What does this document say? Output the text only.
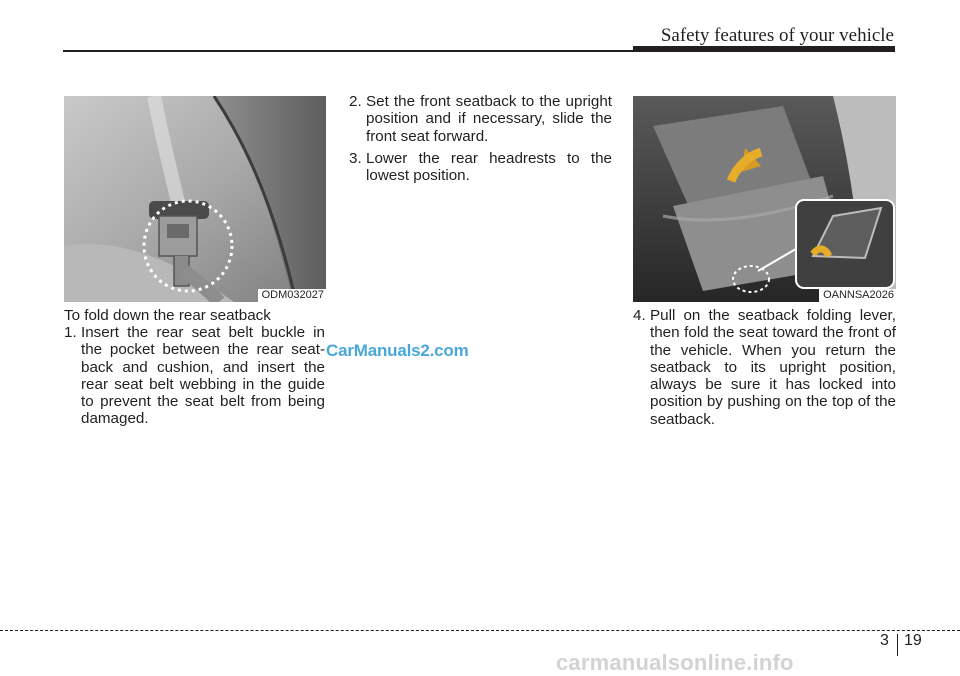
Safety features of your vehicle
ODM032027	OANNSA2026

To fold down the rear seatback

1. Insert the rear seat belt buckle in the pocket between the rear seat-back and cushion, and insert the rear seat belt webbing in the guide to prevent the seat belt from being damaged.
2. Set the front seatback to the upright position and if necessary, slide the front seat forward.
3. Lower the rear headrests to the lowest position.
4. Pull on the seatback folding lever, then fold the seat toward the front of the vehicle. When you return the seatback to its upright position, always be sure it has locked into position by pushing on the top of the seatback.
CarManuals2.com
3 19
carmanualsonline.info
